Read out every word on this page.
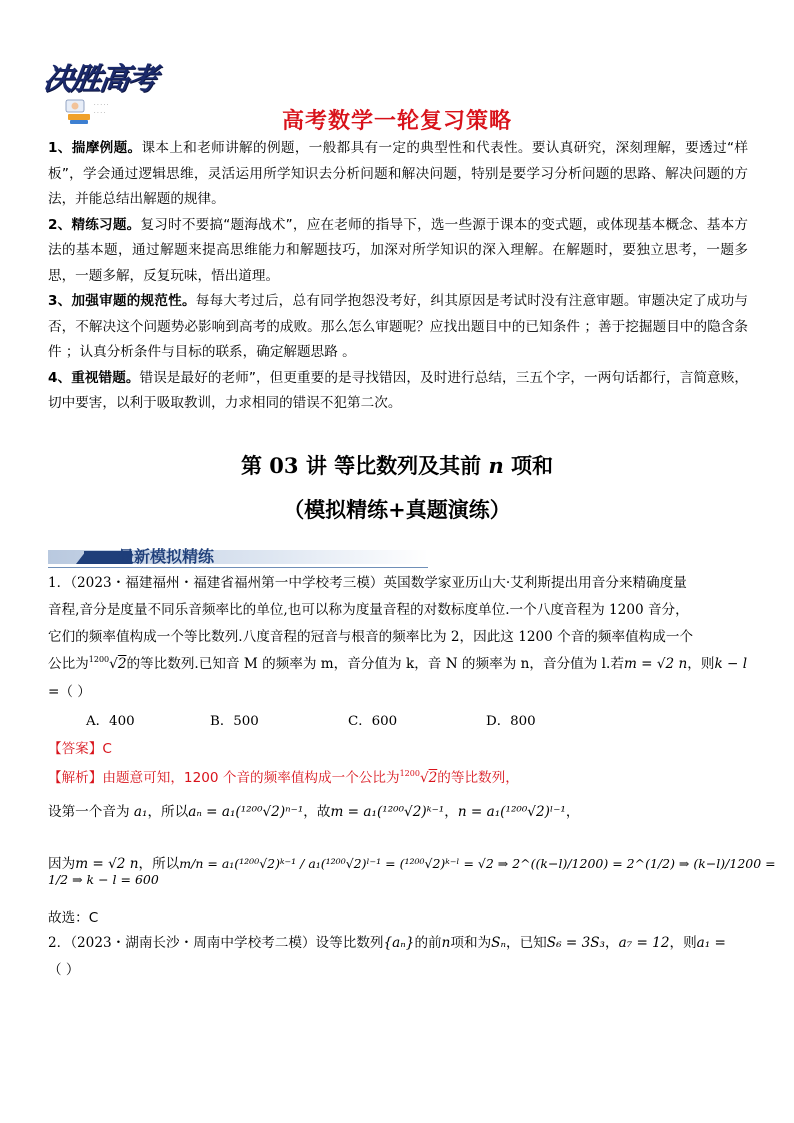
决胜高考
· · · · ·
· · · ·	高考数学一轮复习策略

1、揣摩例题。课本上和老师讲解的例题，一般都具有一定的典型性和代表性。要认真研究，深刻理解，要透过“样板”，学会通过逻辑思维，灵活运用所学知识去分析问题和解决问题，特别是要学习分析问题的思路、解决问题的方法，并能总结出解题的规律。

2、精练习题。复习时不要搞“题海战术”，应在老师的指导下，选一些源于课本的变式题，或体现基本概念、基本方法的基本题，通过解题来提高思维能力和解题技巧，加深对所学知识的深入理解。在解题时，要独立思考，一题多思，一题多解，反复玩味，悟出道理。

3、加强审题的规范性。每每大考过后，总有同学抱怨没考好，纠其原因是考试时没有注意审题。审题决定了成功与否，不解决这个问题势必影响到高考的成败。那么怎么审题呢？应找出题目中的已知条件 ；善于挖掘题目中的隐含条件 ；认真分析条件与目标的联系，确定解题思路 。

4、重视错题。错误是最好的老师”，但更重要的是寻找错因，及时进行总结，三五个字，一两句话都行，言简意赅，切中要害，以利于吸取教训，力求相同的错误不犯第二次。

第 03 讲 等比数列及其前 n 项和
（模拟精练+真题演练）
最新模拟精练
1．（2023・福建福州・福建省福州第一中学校考三模）英国数学家亚历山大·艾利斯提出用音分来精确度量
音程,音分是度量不同乐音频率比的单位,也可以称为度量音程的对数标度单位.一个八度音程为 1200 音分，
它们的频率值构成一个等比数列.八度音程的冠音与根音的频率比为 2，因此这 1200 个音的频率值构成一个
公比为$^{1200}$√2的等比数列.已知音 M 的频率为 m，音分值为 k，音 N 的频率为 n，音分值为 l.若m = √2 n，则k − l
=（ ）
A．400	B．500	C．600	D．800
【答案】C
【解析】由题意可知，1200 个音的频率值构成一个公比为$^{1200}$√2的等比数列，
设第一个音为 a₁，所以aₙ = a₁(¹²⁰⁰√2)ⁿ⁻¹，故m = a₁(¹²⁰⁰√2)ᵏ⁻¹，n = a₁(¹²⁰⁰√2)ˡ⁻¹，
因为m = √2 n，所以m/n = a₁(¹²⁰⁰√2)ᵏ⁻¹ / a₁(¹²⁰⁰√2)ˡ⁻¹ = (¹²⁰⁰√2)ᵏ⁻ˡ = √2 ⇒ 2^((k−l)/1200) = 2^(1/2) ⇒ (k−l)/1200 = 1/2 ⇒ k − l = 600
故选：C
2．（2023・湖南长沙・周南中学校考二模）设等比数列{aₙ}的前n项和为Sₙ，已知S₆ = 3S₃，a₇ = 12，则a₁ =
（ ）
